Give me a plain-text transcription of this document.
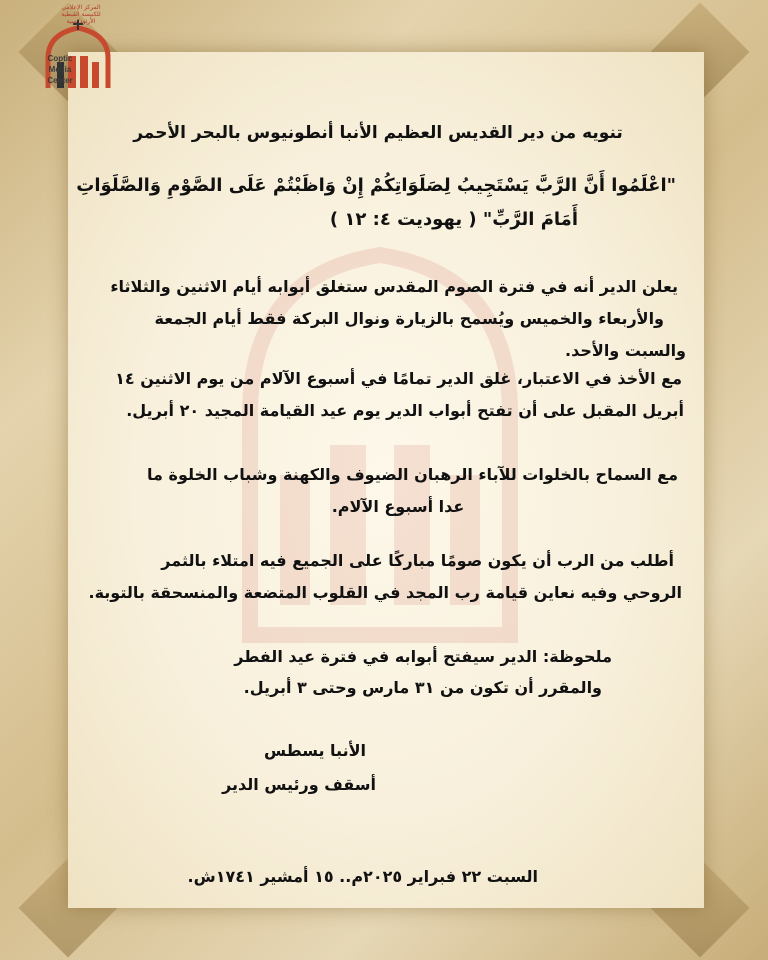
المركز الإعلامي
للكنيسة القبطية الأرثوذكسية
Coptic
Media
Center
تنويه من دير القديس العظيم الأنبا أنطونيوس بالبحر الأحمر
"اعْلَمُوا أَنَّ الرَّبَّ يَسْتَجِيبُ لِصَلَوَاتِكُمْ إِنْ وَاظَبْتُمْ عَلَى الصَّوْمِ وَالصَّلَوَاتِ
أَمَامَ الرَّبِّ" ( يهوديت ٤: ١٢ )
يعلن الدير أنه في فترة الصوم المقدس ستغلق أبوابه أيام الاثنين والثلاثاء
والأربعاء والخميس ويُسمح بالزيارة ونوال البركة فقط أيام الجمعة
والسبت والأحد.
مع الأخذ في الاعتبار، غلق الدير تمامًا في أسبوع الآلام من يوم الاثنين ١٤
أبريل المقبل على أن تفتح أبواب الدير يوم عيد القيامة المجيد ٢٠ أبريل.
مع السماح بالخلوات للآباء الرهبان الضيوف والكهنة وشباب الخلوة ما
عدا أسبوع الآلام.
أطلب من الرب أن يكون صومًا مباركًا على الجميع فيه امتلاء بالثمر
الروحي وفيه نعاين قيامة رب المجد في القلوب المتضعة والمنسحقة بالتوبة.
ملحوظة: الدير سيفتح أبوابه في فترة عيد الفطر
والمقرر أن تكون من ٣١ مارس وحتى ٣ أبريل.
الأنبا يسطس
أسقف ورئيس الدير
السبت ٢٢ فبراير ٢٠٢٥م.. ١٥ أمشير ١٧٤١ش.
